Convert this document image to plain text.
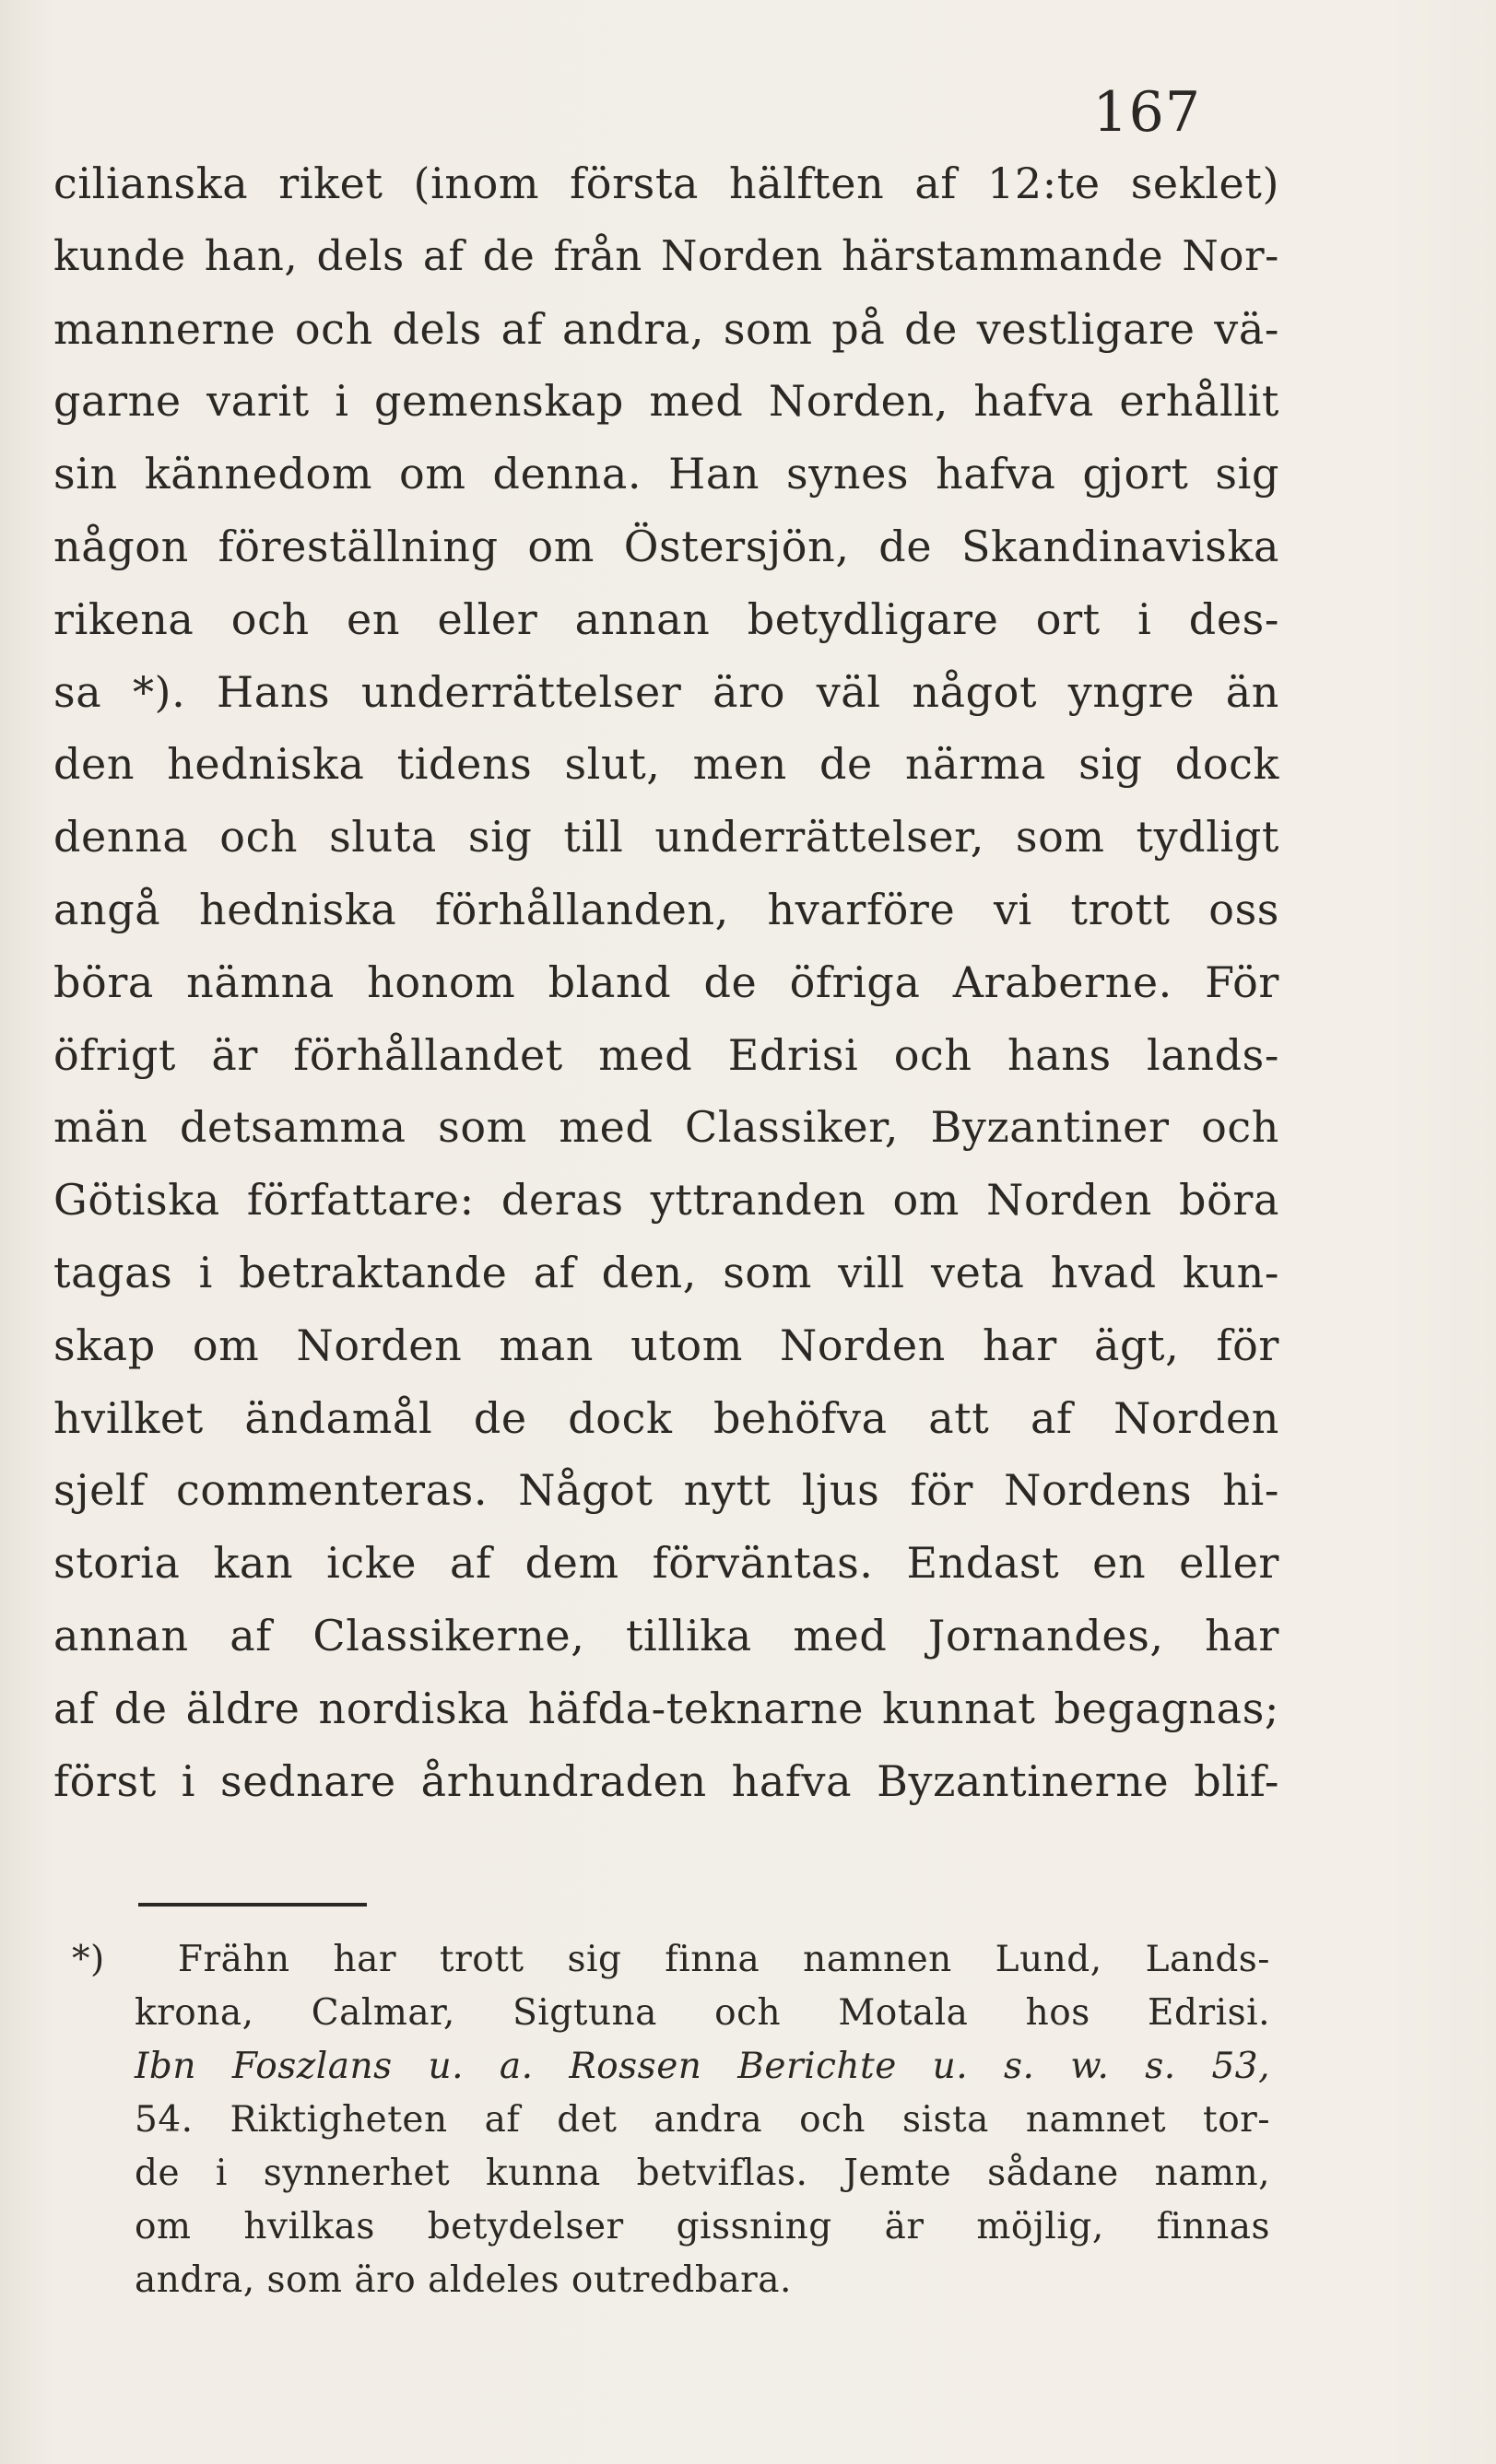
167
cilianska riket (inom första hälften af 12:te seklet)
kunde han, dels af de från Norden härstammande Nor-
mannerne och dels af andra, som på de vestligare vä-
garne varit i gemenskap med Norden, hafva erhållit
sin kännedom om denna. Han synes hafva gjort sig
någon föreställning om Östersjön, de Skandinaviska
rikena och en eller annan betydligare ort i des-
sa *). Hans underrättelser äro väl något yngre än
den hedniska tidens slut, men de närma sig dock
denna och sluta sig till underrättelser, som tydligt
angå hedniska förhållanden, hvarföre vi trott oss
böra nämna honom bland de öfriga Araberne. För
öfrigt är förhållandet med Edrisi och hans lands-
män detsamma som med Classiker, Byzantiner och
Götiska författare: deras yttranden om Norden böra
tagas i betraktande af den, som vill veta hvad kun-
skap om Norden man utom Norden har ägt, för
hvilket ändamål de dock behöfva att af Norden
sjelf commenteras. Något nytt ljus för Nordens hi-
storia kan icke af dem förväntas. Endast en eller
annan af Classikerne, tillika med Jornandes, har
af de äldre nordiska häfda-teknarne kunnat begagnas;
först i sednare århundraden hafva Byzantinerne blif-
*) Frähn har trott sig finna namnen Lund, Lands-
krona, Calmar, Sigtuna och Motala hos Edrisi.
Ibn Foszlans u. a. Rossen Berichte u. s. w. s. 53,
54. Riktigheten af det andra och sista namnet tor-
de i synnerhet kunna betviflas. Jemte sådane namn,
om hvilkas betydelser gissning är möjlig, finnas
andra, som äro aldeles outredbara.
